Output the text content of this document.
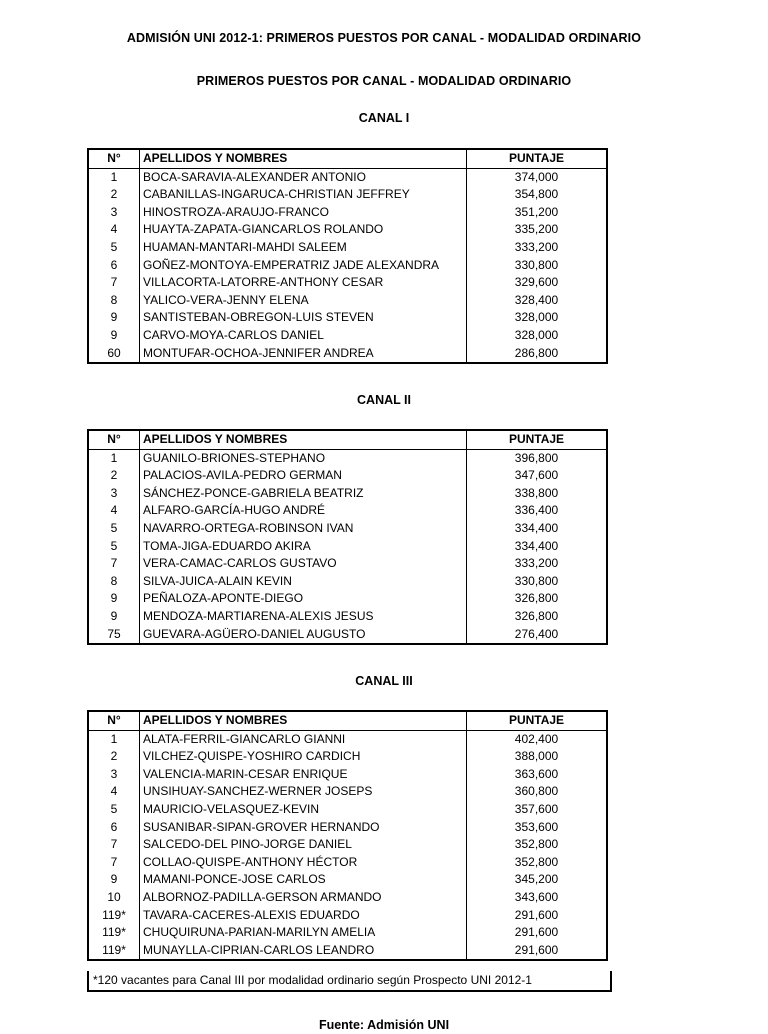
ADMISIÓN UNI 2012-1: PRIMEROS PUESTOS POR CANAL - MODALIDAD ORDINARIO
PRIMEROS PUESTOS POR CANAL - MODALIDAD ORDINARIO
CANAL I
N°	APELLIDOS Y NOMBRES	PUNTAJE
1	BOCA-SARAVIA-ALEXANDER ANTONIO	374,000
2	CABANILLAS-INGARUCA-CHRISTIAN JEFFREY	354,800
3	HINOSTROZA-ARAUJO-FRANCO	351,200
4	HUAYTA-ZAPATA-GIANCARLOS ROLANDO	335,200
5	HUAMAN-MANTARI-MAHDI SALEEM	333,200
6	GOÑEZ-MONTOYA-EMPERATRIZ JADE ALEXANDRA	330,800
7	VILLACORTA-LATORRE-ANTHONY CESAR	329,600
8	YALICO-VERA-JENNY ELENA	328,400
9	SANTISTEBAN-OBREGON-LUIS STEVEN	328,000
9	CARVO-MOYA-CARLOS DANIEL	328,000
60	MONTUFAR-OCHOA-JENNIFER ANDREA	286,800
CANAL II
N°	APELLIDOS Y NOMBRES	PUNTAJE
1	GUANILO-BRIONES-STEPHANO	396,800
2	PALACIOS-AVILA-PEDRO GERMAN	347,600
3	SÁNCHEZ-PONCE-GABRIELA BEATRIZ	338,800
4	ALFARO-GARCÍA-HUGO ANDRÉ	336,400
5	NAVARRO-ORTEGA-ROBINSON IVAN	334,400
5	TOMA-JIGA-EDUARDO AKIRA	334,400
7	VERA-CAMAC-CARLOS GUSTAVO	333,200
8	SILVA-JUICA-ALAIN KEVIN	330,800
9	PEÑALOZA-APONTE-DIEGO	326,800
9	MENDOZA-MARTIARENA-ALEXIS JESUS	326,800
75	GUEVARA-AGÜERO-DANIEL AUGUSTO	276,400
CANAL III
N°	APELLIDOS Y NOMBRES	PUNTAJE
1	ALATA-FERRIL-GIANCARLO GIANNI	402,400
2	VILCHEZ-QUISPE-YOSHIRO CARDICH	388,000
3	VALENCIA-MARIN-CESAR ENRIQUE	363,600
4	UNSIHUAY-SANCHEZ-WERNER JOSEPS	360,800
5	MAURICIO-VELASQUEZ-KEVIN	357,600
6	SUSANIBAR-SIPAN-GROVER HERNANDO	353,600
7	SALCEDO-DEL PINO-JORGE DANIEL	352,800
7	COLLAO-QUISPE-ANTHONY HÉCTOR	352,800
9	MAMANI-PONCE-JOSE CARLOS	345,200
10	ALBORNOZ-PADILLA-GERSON ARMANDO	343,600
119*	TAVARA-CACERES-ALEXIS EDUARDO	291,600
119*	CHUQUIRUNA-PARIAN-MARILYN AMELIA	291,600
119*	MUNAYLLA-CIPRIAN-CARLOS LEANDRO	291,600
*120 vacantes para Canal III por modalidad ordinario según Prospecto UNI 2012-1
Fuente: Admisión UNI
